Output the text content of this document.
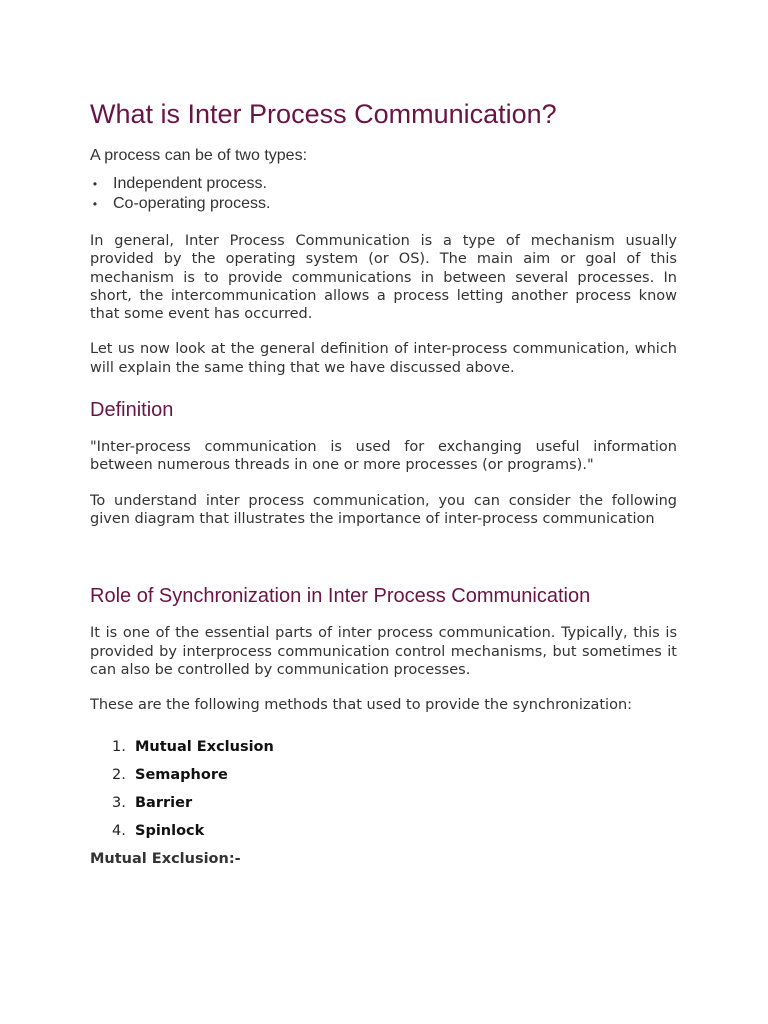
What is Inter Process Communication?

A process can be of two types:

• Independent process.
• Co-operating process.

In general, Inter Process Communication is a type of mechanism usually provided by the operating system (or OS). The main aim or goal of this mechanism is to provide communications in between several processes. In short, the intercommunication allows a process letting another process know that some event has occurred.

Let us now look at the general definition of inter-process communication, which will explain the same thing that we have discussed above.

Definition

"Inter-process communication is used for exchanging useful information between numerous threads in one or more processes (or programs)."

To understand inter process communication, you can consider the following given diagram that illustrates the importance of inter-process communication

Role of Synchronization in Inter Process Communication

It is one of the essential parts of inter process communication. Typically, this is provided by interprocess communication control mechanisms, but sometimes it can also be controlled by communication processes.

These are the following methods that used to provide the synchronization:

1. Mutual Exclusion
2. Semaphore
3. Barrier
4. Spinlock

Mutual Exclusion:-
